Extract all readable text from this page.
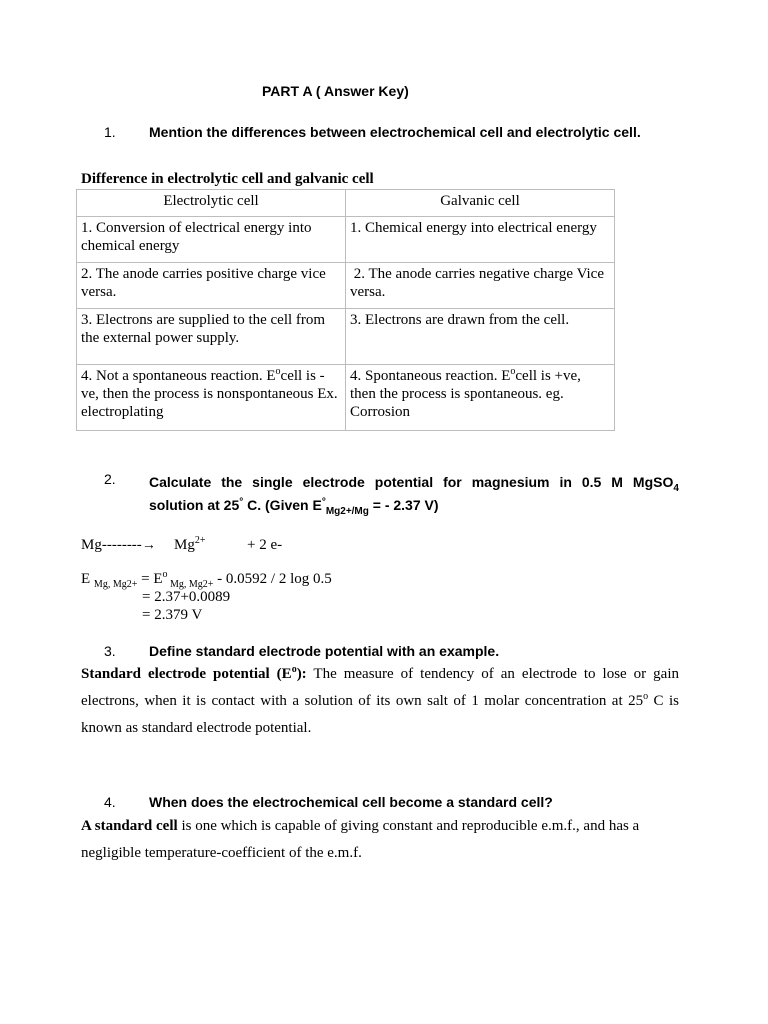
PART A ( Answer Key)
1. Mention the differences between electrochemical cell and electrolytic cell.
Difference in electrolytic cell and galvanic cell
Electrolytic cell	Galvanic cell
1. Conversion of electrical energy into chemical energy	1. Chemical energy into electrical energy
2. The anode carries positive charge vice versa.	2. The anode carries negative charge Vice versa.
3. Electrons are supplied to the cell from the external power supply.	3. Electrons are drawn from the cell.
4. Not a spontaneous reaction. $E^ocell$ is -ve, then the process is nonspontaneous Ex. electroplating	4. Spontaneous reaction. $E^ocell$ is +ve, then the process is spontaneous. eg. Corrosion
2. Calculate the single electrode potential for magnesium in 0.5 M MgSO$_4$
solution at 25° C. (Given $E^\circ_{Mg2+/Mg}$ = - 2.37 V)
$Mg--------\to Mg^{2+}$	+ 2 e-
E $_{Mg, Mg2+} = E^o$ $_{Mg, Mg2+}$ - 0.0592 / 2 log 0.5
= 2.37+0.0089
= 2.379 V
3. Define standard electrode potential with an example.
Standard electrode potential $(E^o)$: The measure of tendency of an electrode to lose or gain electrons, when it is contact with a solution of its own salt of 1 molar concentration at 25$^o$ C is known as standard electrode potential.
4. When does the electrochemical cell become a standard cell?
A standard cell is one which is capable of giving constant and reproducible e.m.f., and has a negligible temperature-coefficient of the e.m.f.
